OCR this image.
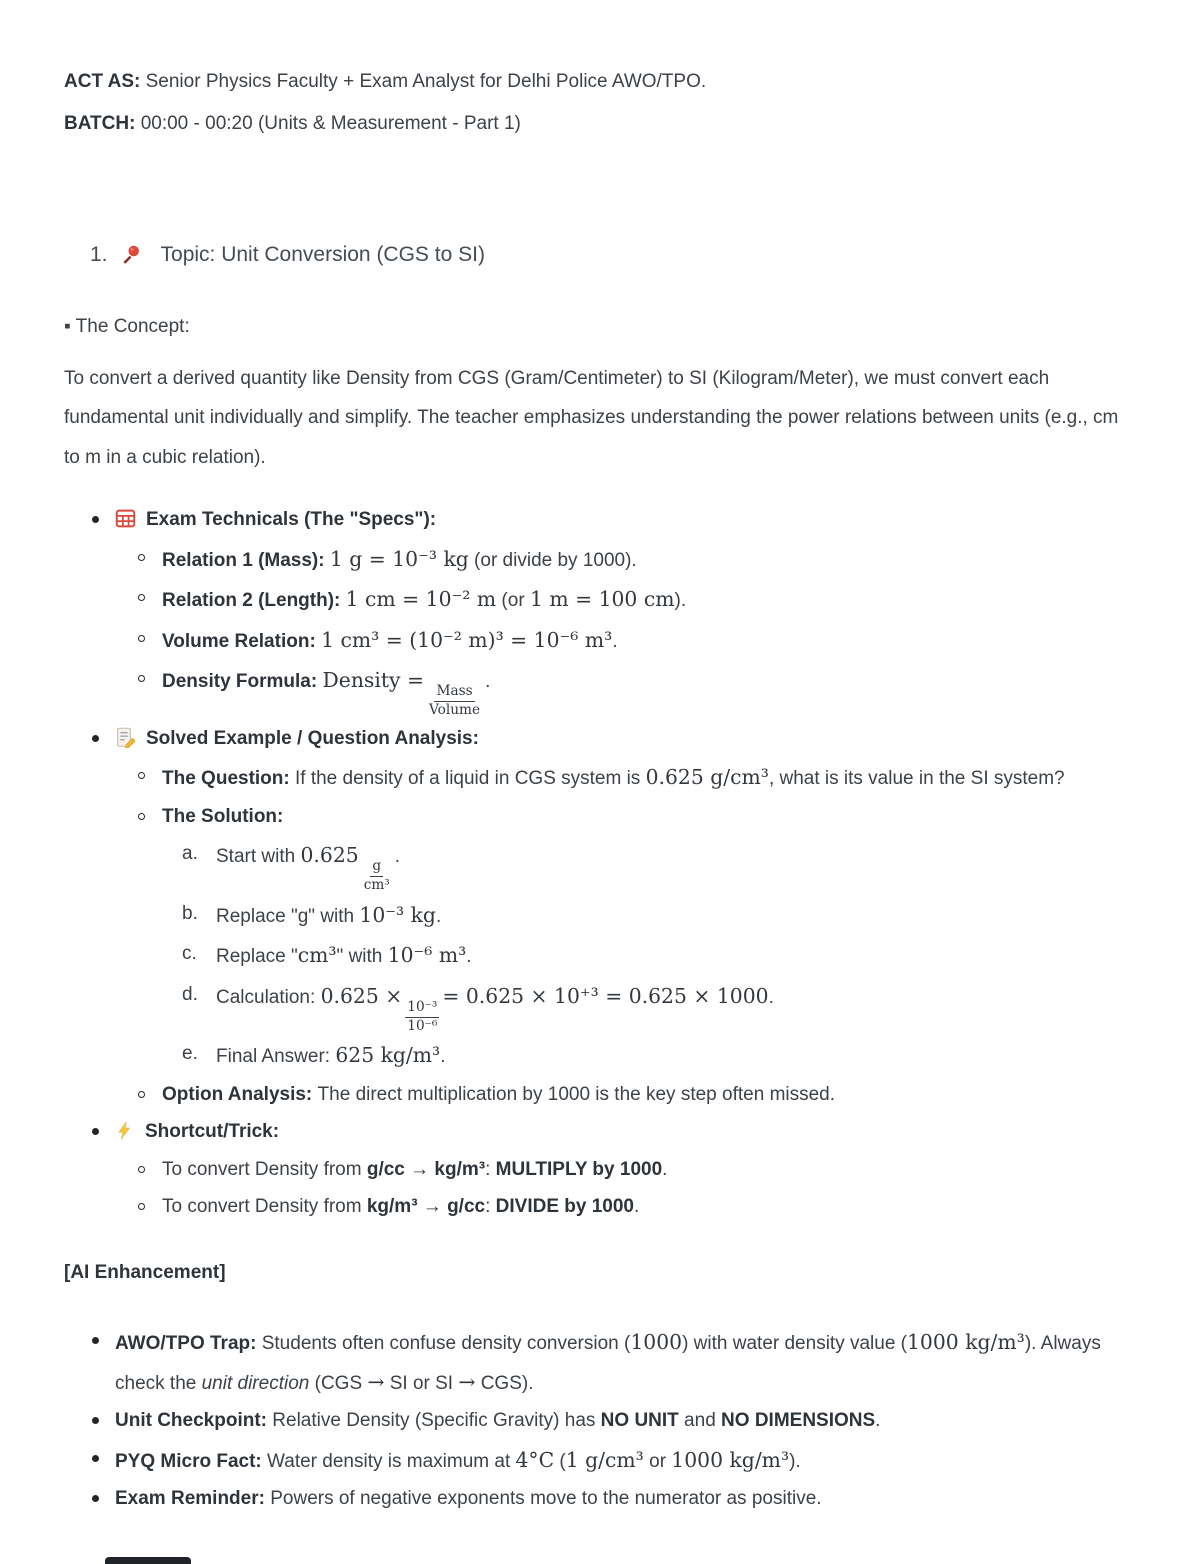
ACT AS: Senior Physics Faculty + Exam Analyst for Delhi Police AWO/TPO.

BATCH: 00:00 - 00:20 (Units & Measurement - Part 1)

1.	Topic: Unit Conversion (CGS to SI)

▪ The Concept:

To convert a derived quantity like Density from CGS (Gram/Centimeter) to SI (Kilogram/Meter), we must convert each fundamental unit individually and simplify. The teacher emphasizes understanding the power relations between units (e.g., cm to m in a cubic relation).

Exam Technicals (The "Specs"):
Relation 1 (Mass): 1 g = 10⁻³ kg (or divide by 1000).
Relation 2 (Length): 1 cm = 10⁻² m (or 1 m = 100 cm).
Volume Relation: 1 cm³ = (10⁻² m)³ = 10⁻⁶ m³.
Density Formula: Density =
$\frac{\text{Mass}}{\text{Volume}}$
.
Solved Example / Question Analysis:
The Question: If the density of a liquid in CGS system is 0.625 g/cm³, what is its value in the SI system?
The Solution:
a. Start with 0.625
$\frac{g}{\text{cm³}}$
.
b. Replace "g" with 10⁻³ kg.
c.	Replace "cm³" with 10⁻⁶ m³.
d. Calculation: 0.625 ×
$\frac{\text{10⁻³}}{\text{10⁻⁶}}$
= 0.625 × 10⁺³ = 0.625 × 1000.
e. Final Answer: 625 kg/m³.
Option Analysis: The direct multiplication by 1000 is the key step often missed.
Shortcut/Trick:
To convert Density from g/cc → kg/m³: MULTIPLY by 1000.
To convert Density from kg/m³ → g/cc: DIVIDE by 1000.

[AI Enhancement]

AWO/TPO Trap: Students often confuse density conversion (1000) with water density value (1000 kg/m³). Always check the unit direction (CGS → SI or SI → CGS).
Unit Checkpoint: Relative Density (Specific Gravity) has NO UNIT and NO DIMENSIONS.
PYQ Micro Fact: Water density is maximum at 4°C (1 g/cm³ or 1000 kg/m³).
Exam Reminder: Powers of negative exponents move to the numerator as positive.
